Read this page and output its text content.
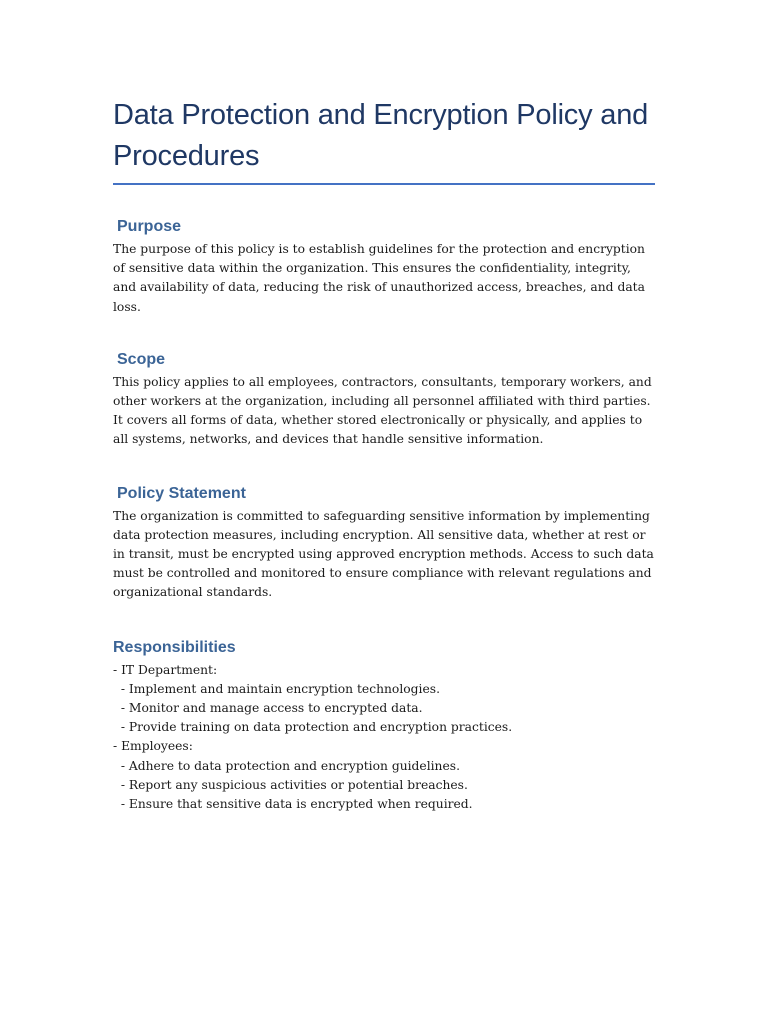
Data Protection and Encryption Policy and Procedures
Purpose

The purpose of this policy is to establish guidelines for the protection and encryption of sensitive data within the organization. This ensures the confidentiality, integrity, and availability of data, reducing the risk of unauthorized access, breaches, and data loss.

Scope

This policy applies to all employees, contractors, consultants, temporary workers, and other workers at the organization, including all personnel affiliated with third parties. It covers all forms of data, whether stored electronically or physically, and applies to all systems, networks, and devices that handle sensitive information.

Policy Statement

The organization is committed to safeguarding sensitive information by implementing data protection measures, including encryption. All sensitive data, whether at rest or in transit, must be encrypted using approved encryption methods. Access to such data must be controlled and monitored to ensure compliance with relevant regulations and organizational standards.

Responsibilities
- IT Department:
- Implement and maintain encryption technologies.
- Monitor and manage access to encrypted data.
- Provide training on data protection and encryption practices.
- Employees:
- Adhere to data protection and encryption guidelines.
- Report any suspicious activities or potential breaches.
- Ensure that sensitive data is encrypted when required.
